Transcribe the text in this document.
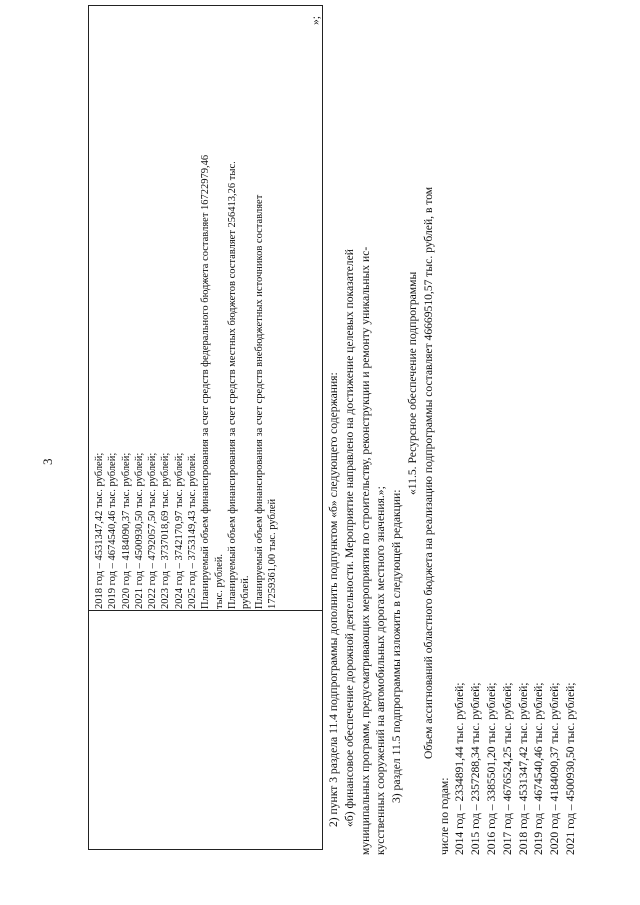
3	2018 год – 4531347,42 тыс. рублей; 2019 год – 4674540,46 тыс. рублей; 2020 год – 4184090,37 тыс. рублей; 2021 год – 4500930,50 тыс. рублей; 2022 год – 4792057,50 тыс. рублей; 2023 год – 3737018,69 тыс. рублей; 2024 год – 3742170,97 тыс. рублей; 2025 год – 3753149,43 тыс. рублей. Планируемый объем финансирования за счет средств федерального бюджета составляет 16722979,46 тыс. рублей. Планируемый объем финансирования за счет средств местных бюджетов составляет 256413,26 тыс. рублей. Планируемый объем финансирования за счет средств внебюджетных источников составляет 17259361,00 тыс. рублей
»;
2) пункт 3 раздела 11.4 подпрограммы дополнить подпунктом «б» следующего содержания: «б) финансовое обеспечение дорожной деятельности. Мероприятие направлено на достижение целевых показателей муниципальных программ, предусматривающих мероприятия по строительству, реконструкции и ремонту уникальных ис- кусственных сооружений на автомобильных дорогах местного значения.»; 3) раздел 11.5 подпрограммы изложить в следующей редакции:
«11.5. Ресурсное обеспечение подпрограммы Объем ассигнований областного бюджета на реализацию подпрограммы составляет 46669510,57 тыс. рублей, в том
числе по годам: 2014 год – 2334891,44 тыс. рублей; 2015 год – 2357288,34 тыс. рублей; 2016 год – 3385501,20 тыс. рублей; 2017 год – 4676524,25 тыс. рублей; 2018 год – 4531347,42 тыс. рублей; 2019 год – 4674540,46 тыс. рублей; 2020 год – 4184090,37 тыс. рублей; 2021 год – 4500930,50 тыс. рублей;
